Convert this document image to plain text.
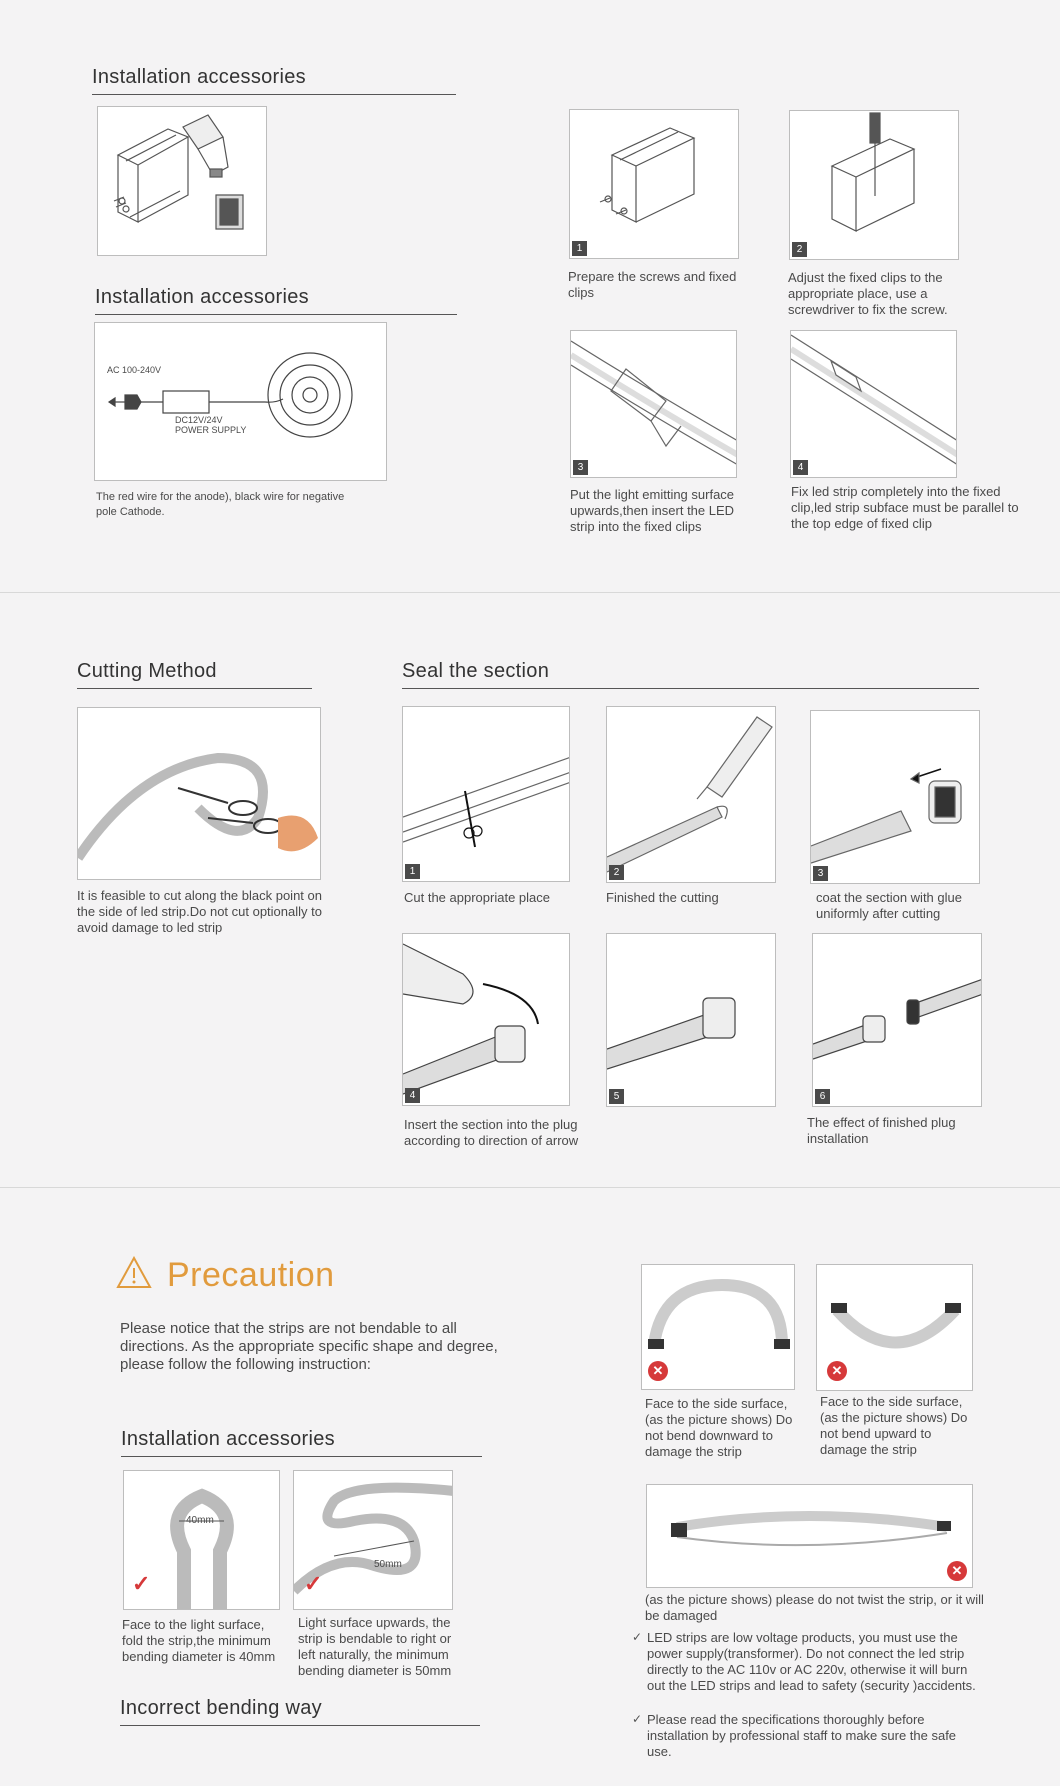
Installation accessories
Installation accessories
AC 100-240V
DC12V/24V
POWER SUPPLY
The red wire for the anode), black wire for negative pole Cathode.
1
Prepare the screws and fixed clips
2
Adjust the fixed clips to the appropriate place, use a screwdriver to fix the screw.
3
Put the light emitting surface upwards,then insert the LED strip into the fixed clips
4
Fix led strip completely into the fixed clip,led strip subface must be parallel to the top edge of fixed clip
Cutting Method
It is feasible to cut along the black point on the side of led strip.Do not cut optionally to avoid damage to led strip
Seal the section
1
Cut the appropriate place
2
Finished the cutting
3
coat the section with glue uniformly after cutting
4
Insert the section into the plug according to direction of arrow
5	6
The effect of finished plug installation
Precaution
Please notice that the strips are not bendable to all directions. As the appropriate specific shape and degree, please follow the following instruction:
Installation accessories
40mm
✓
Face to the light surface, fold the strip,the minimum bending diameter is 40mm
50mm
✓
Light surface upwards, the strip is bendable to right or left naturally, the minimum bending diameter is 50mm
Incorrect bending way
✕
Face to the side surface,(as the picture shows) Do not bend downward to damage the strip
✕
Face to the side surface,(as the picture shows) Do not bend upward to damage the strip
✕
(as the picture shows) please do not twist the strip, or it will be damaged
✓ LED strips are low voltage products, you must use the power supply(transformer). Do not connect the led strip directly to the AC 110v or AC 220v, otherwise it will burn out the LED strips and lead to safety (security )accidents.
✓ Please read the specifications thoroughly before installation by professional staff to make sure the safe use.
